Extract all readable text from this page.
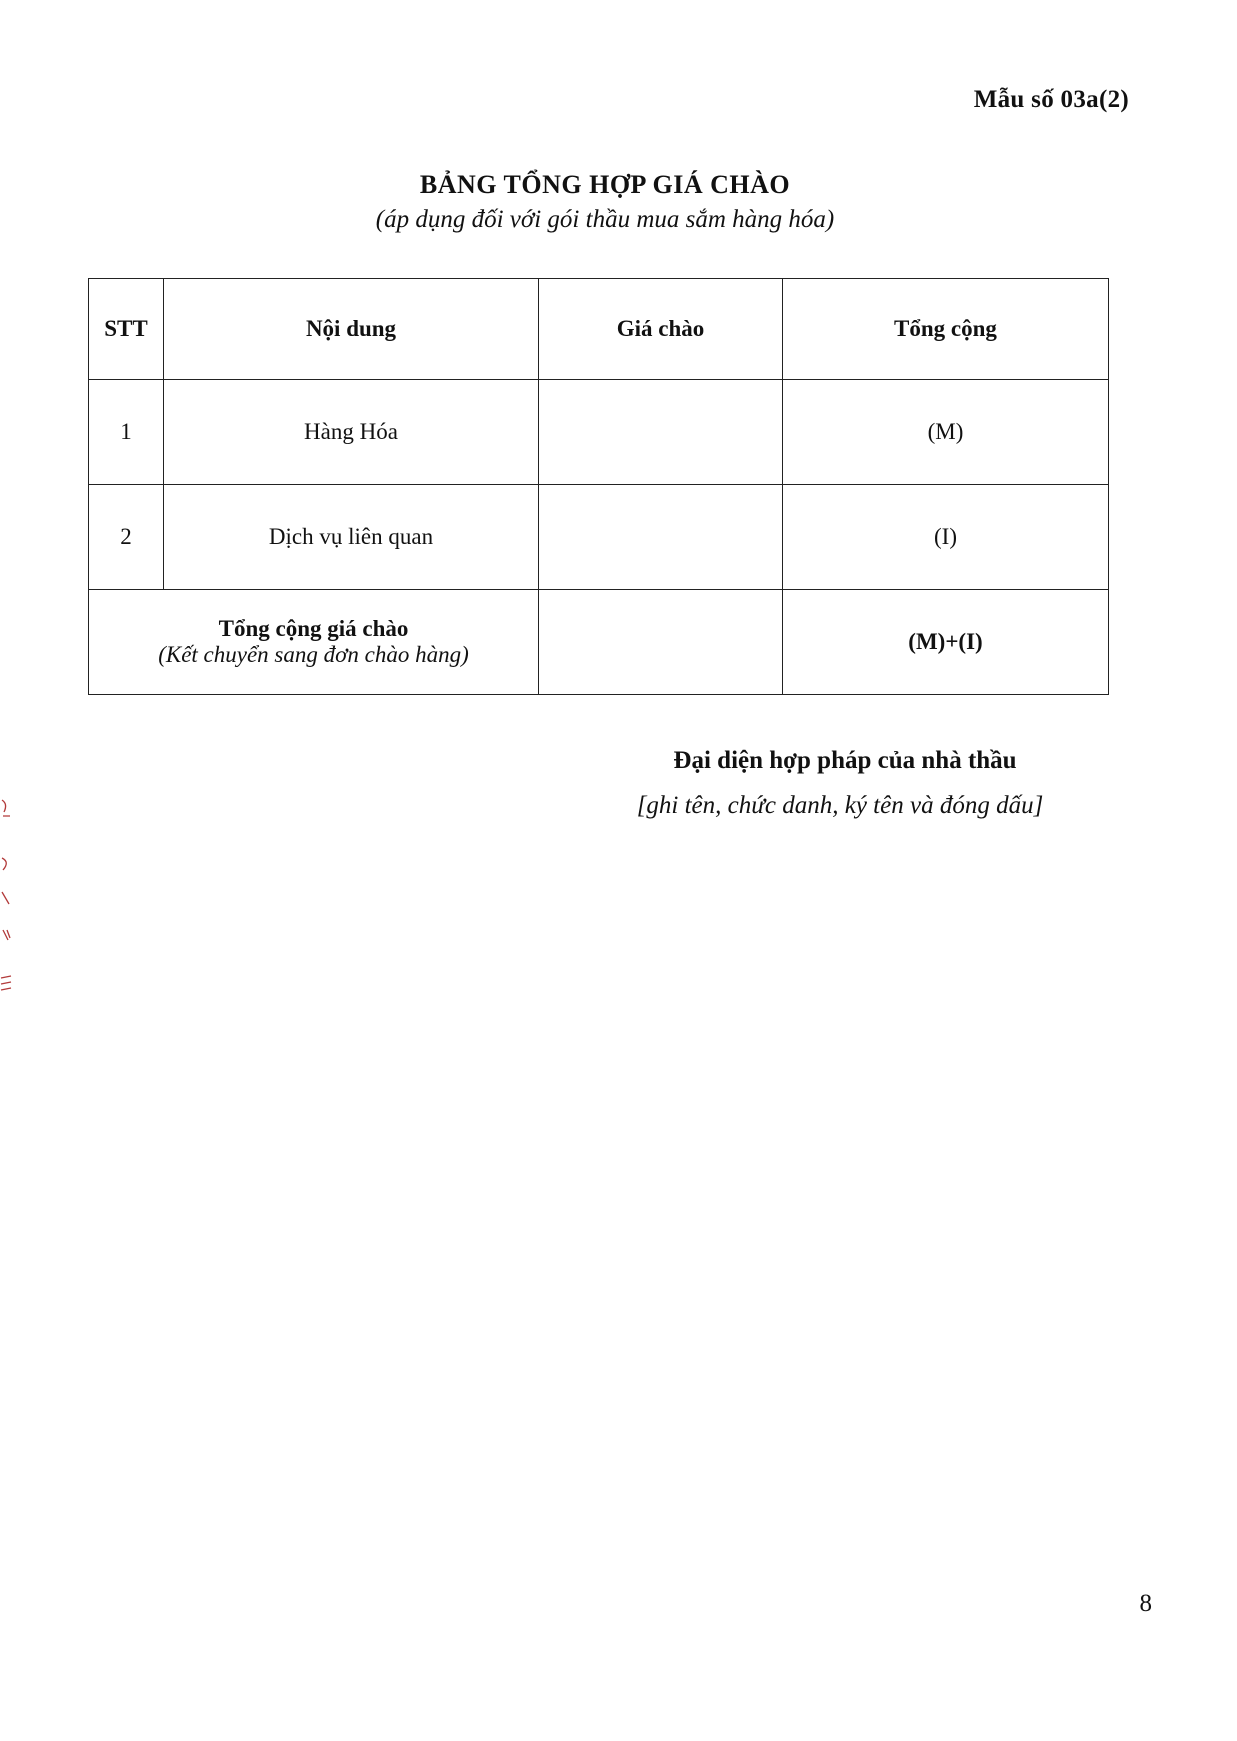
Mẫu số 03a(2)
BẢNG TỔNG HỢP GIÁ CHÀO
(áp dụng đối với gói thầu mua sắm hàng hóa)
STT	Nội dung	Giá chào	Tổng cộng
1	Hàng Hóa		(M)
2	Dịch vụ liên quan		(I)

Tổng cộng giá chào
(Kết chuyển sang đơn chào hàng)			(M)+(I)
Đại diện hợp pháp của nhà thầu
[ghi tên, chức danh, ký tên và đóng dấu]
8
